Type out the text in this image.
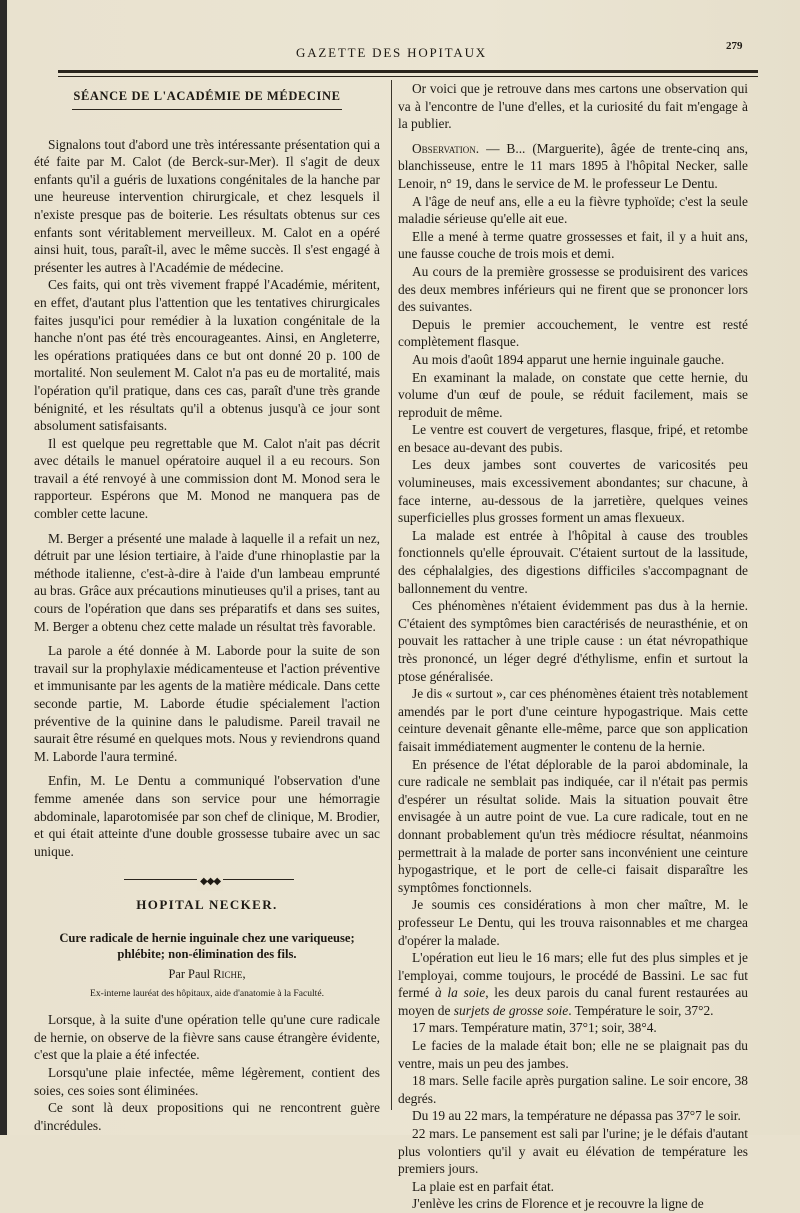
GAZETTE DES HOPITAUX	279
SÉANCE DE L'ACADÉMIE DE MÉDECINE

Signalons tout d'abord une très intéressante présentation qui a été faite par M. Calot (de Berck-sur-Mer). Il s'agit de deux enfants qu'il a guéris de luxations congénitales de la hanche par une heureuse intervention chirurgicale, et chez lesquels il n'existe presque pas de boiterie. Les résultats obtenus sur ces enfants sont véritablement merveilleux. M. Calot en a opéré ainsi huit, tous, paraît-il, avec le même succès. Il s'est engagé à présenter les autres à l'Académie de médecine.

Ces faits, qui ont très vivement frappé l'Académie, méritent, en effet, d'autant plus l'attention que les tentatives chirurgicales faites jusqu'ici pour remédier à la luxation congénitale de la hanche n'ont pas été très encourageantes. Ainsi, en Angleterre, les opérations pratiquées dans ce but ont donné 20 p. 100 de mortalité. Non seulement M. Calot n'a pas eu de mortalité, mais l'opération qu'il pratique, dans ces cas, paraît d'une très grande bénignité, et les résultats qu'il a obtenus jusqu'à ce jour sont absolument satisfaisants.

Il est quelque peu regrettable que M. Calot n'ait pas décrit avec détails le manuel opératoire auquel il a eu recours. Son travail a été renvoyé à une commission dont M. Monod sera le rapporteur. Espérons que M. Monod ne manquera pas de combler cette lacune.

M. Berger a présenté une malade à laquelle il a refait un nez, détruit par une lésion tertiaire, à l'aide d'une rhinoplastie par la méthode italienne, c'est-à-dire à l'aide d'un lambeau emprunté au bras. Grâce aux précautions minutieuses qu'il a prises, tant au cours de l'opération que dans ses préparatifs et dans ses suites, M. Berger a obtenu chez cette malade un résultat très favorable.

La parole a été donnée à M. Laborde pour la suite de son travail sur la prophylaxie médicamenteuse et l'action préventive et immunisante par les agents de la matière médicale. Dans cette seconde partie, M. Laborde étudie spécialement l'action préventive de la quinine dans le paludisme. Pareil travail ne saurait être résumé en quelques mots. Nous y reviendrons quand M. Laborde l'aura terminé.

Enfin, M. Le Dentu a communiqué l'observation d'une femme amenée dans son service pour une hémorragie abdominale, laparotomisée par son chef de clinique, M. Brodier, et qui était atteinte d'une double grossesse tubaire avec un sac unique.

◆◆◆
HOPITAL NECKER.
Cure radicale de hernie inguinale chez une variqueuse; phlébite; non-élimination des fils.
Par Paul Riche,
Ex-interne lauréat des hôpitaux, aide d'anatomie à la Faculté.

Lorsque, à la suite d'une opération telle qu'une cure radicale de hernie, on observe de la fièvre sans cause étrangère évidente, c'est que la plaie a été infectée.

Lorsqu'une plaie infectée, même légèrement, contient des soies, ces soies sont éliminées.

Ce sont là deux propositions qui ne rencontrent guère d'incrédules.

Or voici que je retrouve dans mes cartons une observation qui va à l'encontre de l'une d'elles, et la curiosité du fait m'engage à la publier.

Observation. — B... (Marguerite), âgée de trente-cinq ans, blanchisseuse, entre le 11 mars 1895 à l'hôpital Necker, salle Lenoir, n° 19, dans le service de M. le professeur Le Dentu.

A l'âge de neuf ans, elle a eu la fièvre typhoïde; c'est la seule maladie sérieuse qu'elle ait eue.

Elle a mené à terme quatre grossesses et fait, il y a huit ans, une fausse couche de trois mois et demi.

Au cours de la première grossesse se produisirent des varices des deux membres inférieurs qui ne firent que se prononcer lors des suivantes.

Depuis le premier accouchement, le ventre est resté complètement flasque.

Au mois d'août 1894 apparut une hernie inguinale gauche.

En examinant la malade, on constate que cette hernie, du volume d'un œuf de poule, se réduit facilement, mais se reproduit de même.

Le ventre est couvert de vergetures, flasque, fripé, et retombe en besace au-devant des pubis.

Les deux jambes sont couvertes de varicosités peu volumineuses, mais excessivement abondantes; sur chacune, à face interne, au-dessous de la jarretière, quelques veines superficielles plus grosses forment un amas flexueux.

La malade est entrée à l'hôpital à cause des troubles fonctionnels qu'elle éprouvait. C'étaient surtout de la lassitude, des céphalalgies, des digestions difficiles s'accompagnant de ballonnement du ventre.

Ces phénomènes n'étaient évidemment pas dus à la hernie. C'étaient des symptômes bien caractérisés de neurasthénie, et on pouvait les rattacher à une triple cause : un état névropathique très prononcé, un léger degré d'éthylisme, enfin et surtout la ptose généralisée.

Je dis « surtout », car ces phénomènes étaient très notablement amendés par le port d'une ceinture hypogastrique. Mais cette ceinture devenait gênante elle-même, parce que son application faisait immédiatement augmenter le contenu de la hernie.

En présence de l'état déplorable de la paroi abdominale, la cure radicale ne semblait pas indiquée, car il n'était pas permis d'espérer un résultat solide. Mais la situation pouvait être envisagée à un autre point de vue. La cure radicale, tout en ne donnant probablement qu'un très médiocre résultat, néanmoins permettrait à la malade de porter sans inconvénient une ceinture hypogastrique, et le port de celle-ci faisait disparaître les symptômes fonctionnels.

Je soumis ces considérations à mon cher maître, M. le professeur Le Dentu, qui les trouva raisonnables et me chargea d'opérer la malade.

L'opération eut lieu le 16 mars; elle fut des plus simples et je l'employai, comme toujours, le procédé de Bassini. Le sac fut fermé à la soie, les deux parois du canal furent restaurées au moyen de surjets de grosse soie. Température le soir, 37°2.

17 mars. Température matin, 37°1; soir, 38°4.

Le facies de la malade était bon; elle ne se plaignait pas du ventre, mais un peu des jambes.

18 mars. Selle facile après purgation saline. Le soir encore, 38 degrés.

Du 19 au 22 mars, la température ne dépassa pas 37°7 le soir.

22 mars. Le pansement est sali par l'urine; je le défais d'autant plus volontiers qu'il y avait eu élévation de température les premiers jours.

La plaie est en parfait état.

J'enlève les crins de Florence et je recouvre la ligne de
